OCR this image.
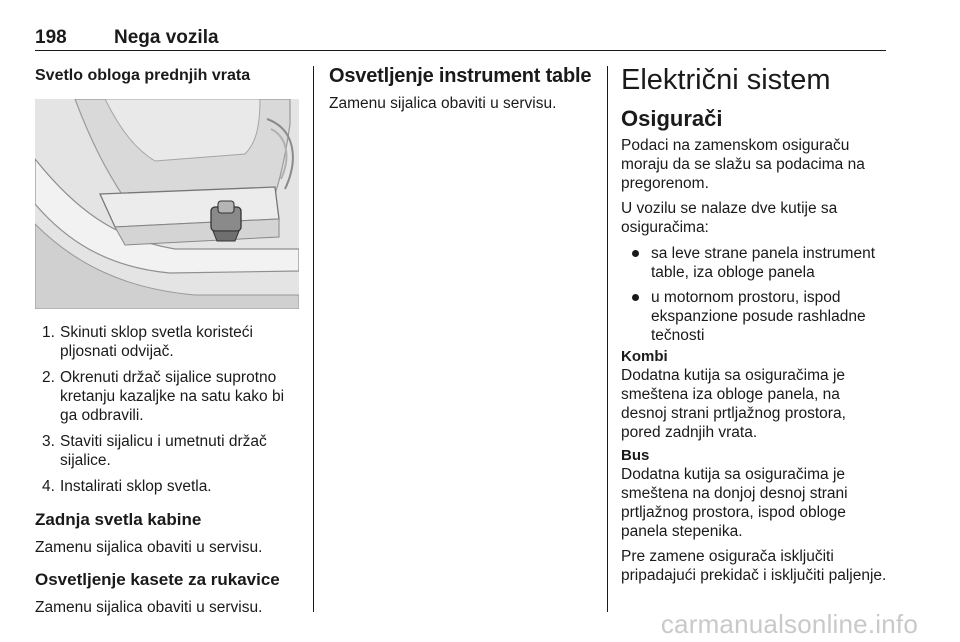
198 Nega vozila
Svetlo obloga prednjih vrata
1. Skinuti sklop svetla koristeći pljosnati odvijač.
2. Okrenuti držač sijalice suprotno kretanju kazaljke na satu kako bi ga odbravili.
3. Staviti sijalicu i umetnuti držač sijalice.
4. Instalirati sklop svetla.
Zadnja svetla kabine

Zamenu sijalica obaviti u servisu.

Osvetljenje kasete za rukavice

Zamenu sijalica obaviti u servisu.

Osvetljenje instrument table

Zamenu sijalica obaviti u servisu.

Električni sistem
Osigurači

Podaci na zamenskom osiguraču moraju da se slažu sa podacima na pregorenom.

U vozilu se nalaze dve kutije sa osiguračima:

sa leve strane panela instrument table, iza obloge panela
u motornom prostoru, ispod ekspanzione posude rashladne tečnosti
Kombi

Dodatna kutija sa osiguračima je smeštena iza obloge panela, na desnoj strani prtljažnog prostora, pored zadnjih vrata.

Bus

Dodatna kutija sa osiguračima je smeštena na donjoj desnoj strani prtljažnog prostora, ispod obloge panela stepenika.

Pre zamene osigurača isključiti pripadajući prekidač i isključiti paljenje.

carmanualsonline.info
